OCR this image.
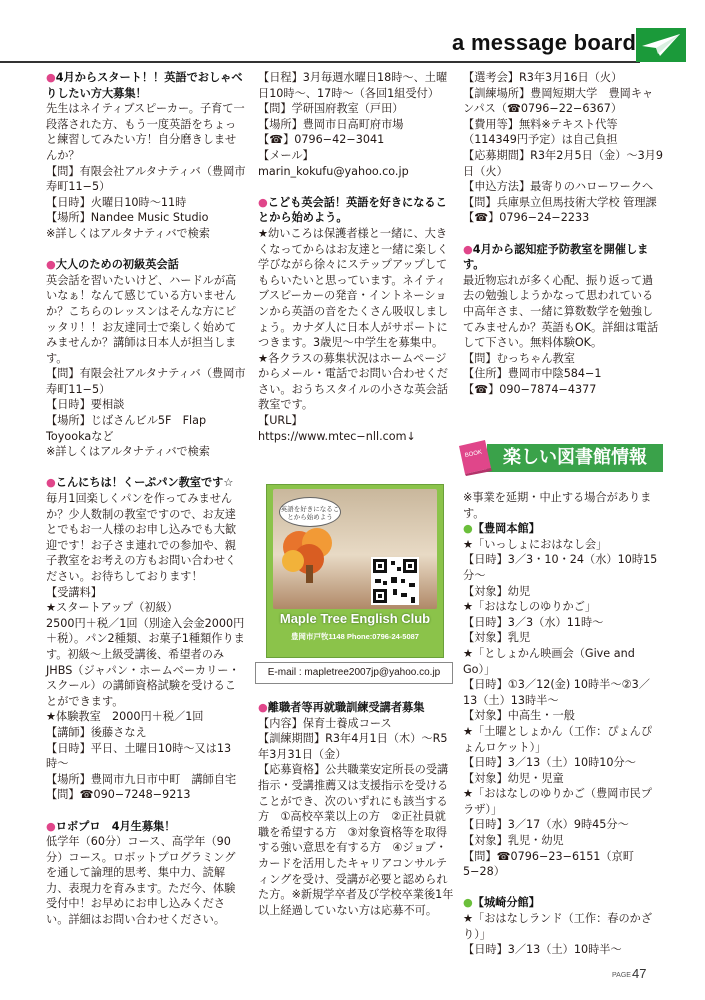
a message board

●4月からスタート！！英語でおしゃべりしたい方大募集！

先生はネイティブスピーカー。子育て一段落された方、もう一度英語をちょっと練習してみたい方！自分磨きしませんか？

【問】有限会社アルタナティバ（豊岡市寿町11−5）

【日時】火曜日10時〜11時

【場所】Nandee Music Studio

※詳しくはアルタナティバで検索

●大人のための初級英会話

英会話を習いたいけど、ハードルが高いなぁ！なんて感じている方いませんか？こちらのレッスンはそんな方にピッタリ！！お友達同士で楽しく始めてみませんか？講師は日本人が担当します。

【問】有限会社アルタナティバ（豊岡市寿町11−5）

【日時】要相談

【場所】じばさんビル5F　Flap Toyookaなど

※詳しくはアルタナティバで検索

●こんにちは！くーぷパン教室です☆

毎月1回楽しくパンを作ってみませんか？少人数制の教室ですので、お友達とでもお一人様のお申し込みでも大歓迎です！お子さま連れでの参加や、親子教室をお考えの方もお問い合わせください。お待ちしております！

【受講料】

★スタートアップ（初級）

2500円＋税／1回（別途入会金2000円＋税）。パン2種類、お菓子1種類作ります。初級〜上級受講後、希望者のみJHBS（ジャパン・ホームベーカリー・スクール）の講師資格試験を受けることができます。

★体験教室　2000円＋税／1回

【講師】後藤さなえ

【日時】平日、土曜日10時〜又は13時〜

【場所】豊岡市九日市中町　講師自宅

【問】☎090−7248−9213

●ロボプロ　4月生募集！

低学年（60分）コース、高学年（90分）コース。ロボットプログラミングを通して論理的思考、集中力、読解力、表現力を育みます。ただ今、体験受付中！お早めにお申し込みください。詳細はお問い合わせください。

【日程】3月毎週水曜日18時〜、土曜日10時〜、17時〜（各回1組受付）

【問】学研国府教室（戸田）

【場所】豊岡市日高町府市場

【☎】0796−42−3041

【メール】marin_kokufu@yahoo.co.jp

●こども英会話！英語を好きになることから始めよう。

★幼いころは保護者様と一緒に、大きくなってからはお友達と一緒に楽しく学びながら徐々にステップアップしてもらいたいと思っています。ネイティブスピーカーの発音・イントネーションから英語の音をたくさん吸収しましょう。カナダ人に日本人がサポートにつきます。3歳児〜中学生を募集中。

★各クラスの募集状況はホームページからメール・電話でお問い合わせください。おうちスタイルの小さな英会話教室です。

【URL】https://www.mtec−nll.com↓

英語を好きになることから始めよう
Maple Tree English Club
豊岡市戸牧1148 Phone:0796-24-5087
E-mail : mapletree2007jp@yahoo.co.jp

●離職者等再就職訓練受講者募集

【内容】保育士養成コース

【訓練期間】R3年4月1日（木）〜R5年3月31日（金）

【応募資格】公共職業安定所長の受講指示・受講推薦又は支援指示を受けることができ、次のいずれにも該当する方　①高校卒業以上の方　②正社員就職を希望する方　③対象資格等を取得する強い意思を有する方　④ジョブ・カードを活用したキャリアコンサルティングを受け、受講が必要と認められた方。※新規学卒者及び学校卒業後1年以上経過していない方は応募不可。

【選考会】R3年3月16日（火）

【訓練場所】豊岡短期大学　豊岡キャンパス（☎0796−22−6367）

【費用等】無料※テキスト代等（114349円予定）は自己負担

【応募期間】R3年2月5日（金）〜3月9日（火）

【申込方法】最寄りのハローワークへ

【問】兵庫県立但馬技術大学校 管理課

【☎】0796−24−2233

●4月から認知症予防教室を開催します。

最近物忘れが多く心配、振り返って過去の勉強しようかなって思われている中高年さま、一緒に算数数学を勉強してみませんか？英語もOK。詳細は電話して下さい。無料体験OK。

【問】むっちゃん教室

【住所】豊岡市中陰584−1

【☎】090−7874−4377

楽しい図書館情報
BOOK

※事業を延期・中止する場合があります。

●【豊岡本館】

★「いっしょにおはなし会」

【日時】3／3・10・24（水）10時15分〜

【対象】幼児

★「おはなしのゆりかご」

【日時】3／3（水）11時〜

【対象】乳児

★「としょかん映画会（Give and Go）」

【日時】①3／12(金) 10時半〜②3／13（土）13時半〜

【対象】中高生・一般

★「土曜としょかん（工作：ぴょんぴょんロケット）」

【日時】3／13（土）10時10分〜

【対象】幼児・児童

★「おはなしのゆりかご（豊岡市民プラザ）」

【日時】3／17（水）9時45分〜

【対象】乳児・幼児

【問】☎0796−23−6151（京町5−28）

●【城崎分館】

★「おはなしランド（工作：春のかざり）」

【日時】3／13（土）10時半〜

PAGE 47
